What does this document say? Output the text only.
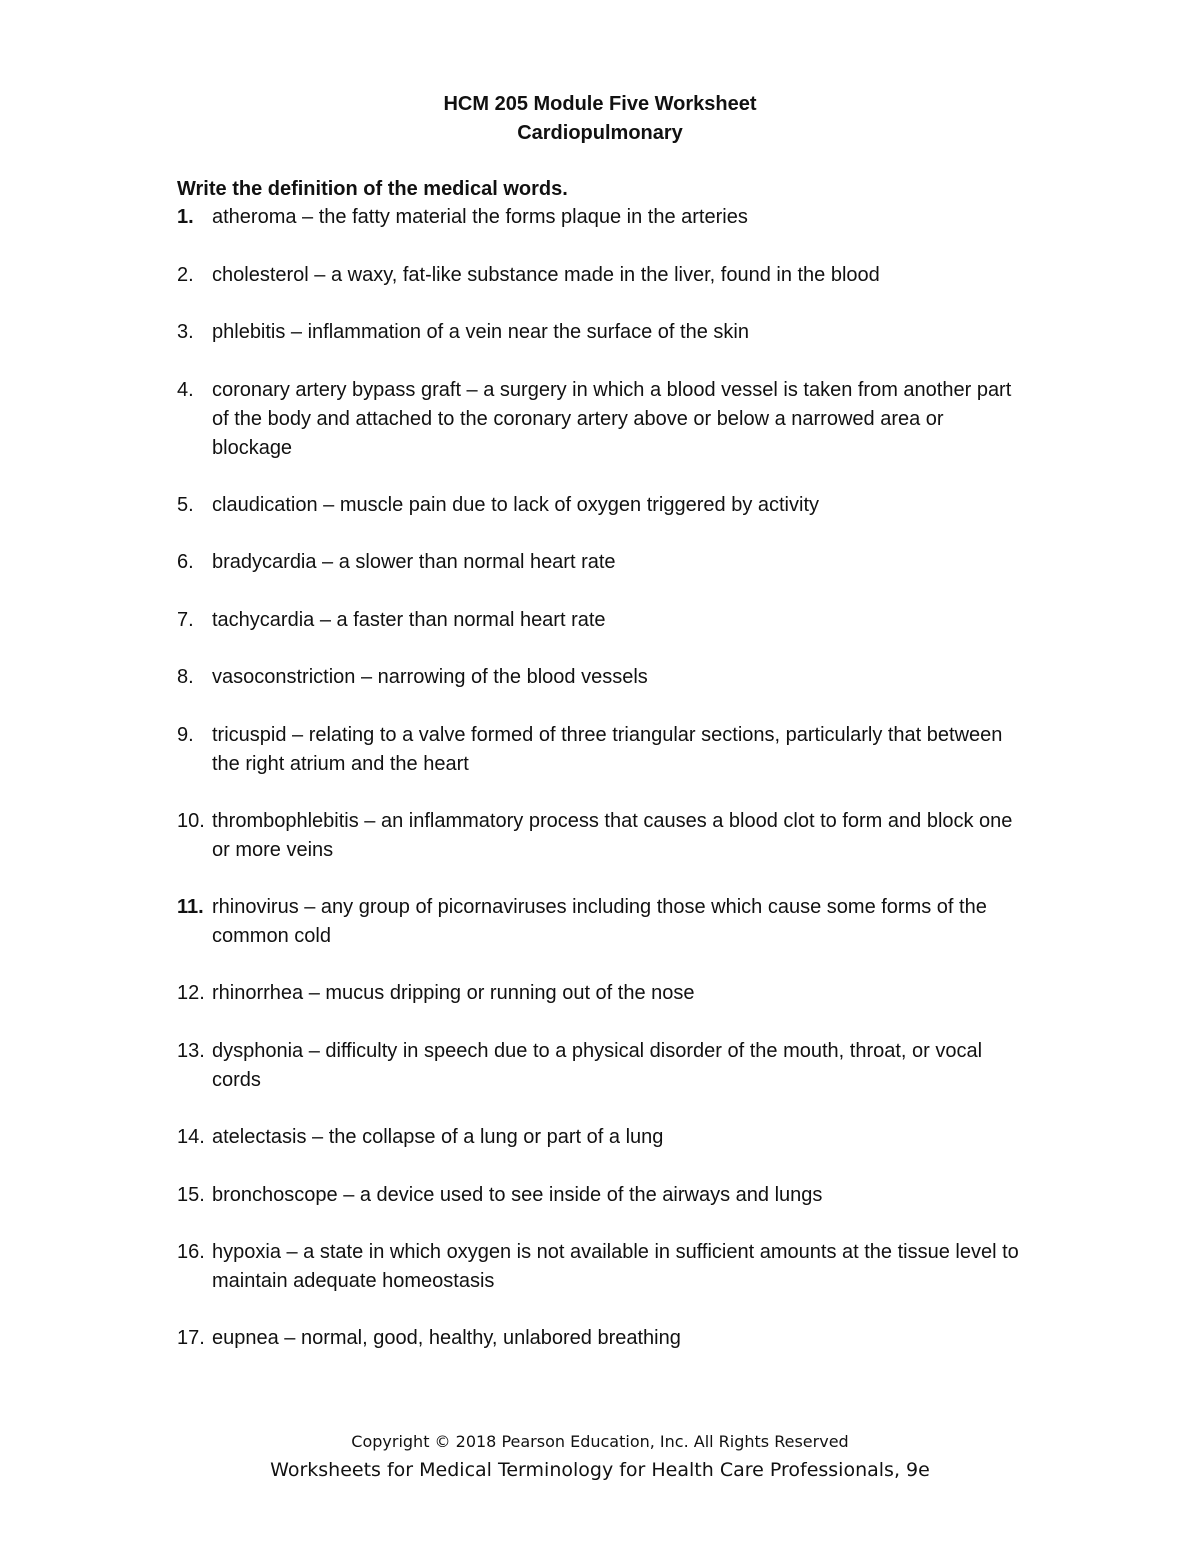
HCM 205 Module Five Worksheet
Cardiopulmonary
Write the definition of the medical words.
1. atheroma – the fatty material the forms plaque in the arteries
2. cholesterol – a waxy, fat-like substance made in the liver, found in the blood
3. phlebitis – inflammation of a vein near the surface of the skin
4. coronary artery bypass graft – a surgery in which a blood vessel is taken from another part of the body and attached to the coronary artery above or below a narrowed area or blockage
5. claudication – muscle pain due to lack of oxygen triggered by activity
6. bradycardia – a slower than normal heart rate
7. tachycardia – a faster than normal heart rate
8. vasoconstriction – narrowing of the blood vessels
9. tricuspid – relating to a valve formed of three triangular sections, particularly that between the right atrium and the heart
10. thrombophlebitis – an inflammatory process that causes a blood clot to form and block one or more veins
11. rhinovirus – any group of picornaviruses including those which cause some forms of the common cold
12. rhinorrhea – mucus dripping or running out of the nose
13. dysphonia – difficulty in speech due to a physical disorder of the mouth, throat, or vocal cords
14. atelectasis – the collapse of a lung or part of a lung
15. bronchoscope – a device used to see inside of the airways and lungs
16. hypoxia – a state in which oxygen is not available in sufficient amounts at the tissue level to maintain adequate homeostasis
17. eupnea – normal, good, healthy, unlabored breathing
Copyright © 2018 Pearson Education, Inc. All Rights Reserved
Worksheets for Medical Terminology for Health Care Professionals, 9e
